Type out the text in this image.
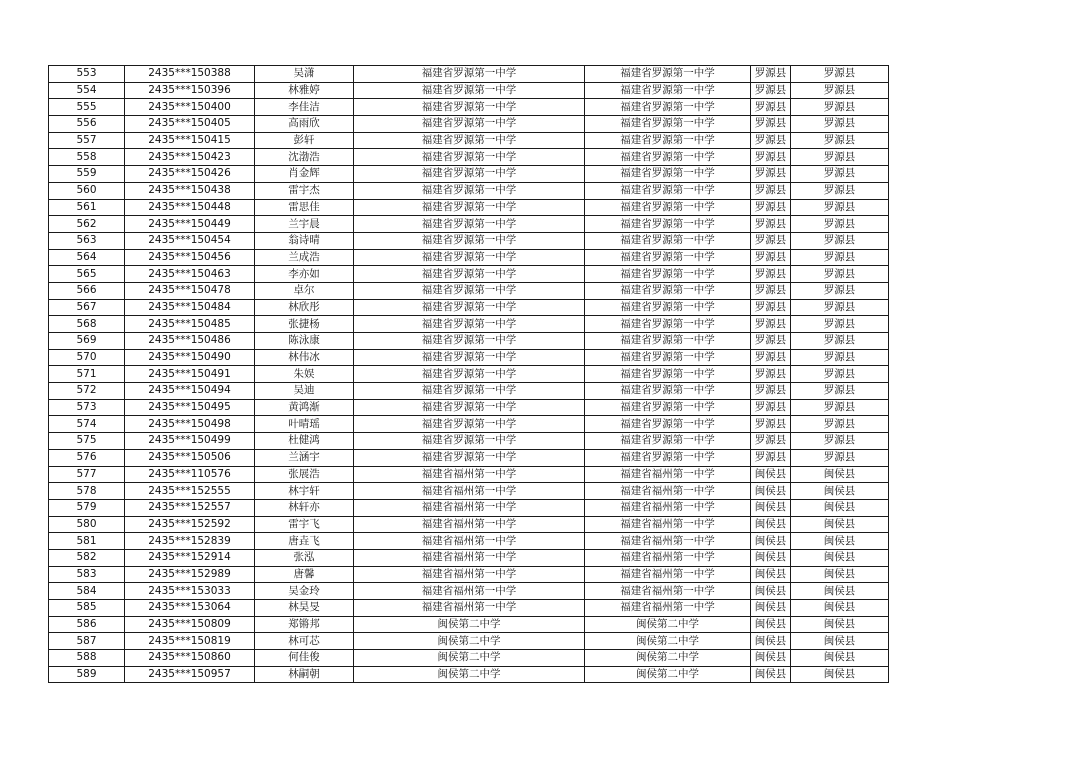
553	2435***150388	吴潇	福建省罗源第一中学	福建省罗源第一中学	罗源县	罗源县
554	2435***150396	林雅婷	福建省罗源第一中学	福建省罗源第一中学	罗源县	罗源县
555	2435***150400	李佳洁	福建省罗源第一中学	福建省罗源第一中学	罗源县	罗源县
556	2435***150405	高雨欣	福建省罗源第一中学	福建省罗源第一中学	罗源县	罗源县
557	2435***150415	彭轩	福建省罗源第一中学	福建省罗源第一中学	罗源县	罗源县
558	2435***150423	沈渤浩	福建省罗源第一中学	福建省罗源第一中学	罗源县	罗源县
559	2435***150426	肖金辉	福建省罗源第一中学	福建省罗源第一中学	罗源县	罗源县
560	2435***150438	雷宇杰	福建省罗源第一中学	福建省罗源第一中学	罗源县	罗源县
561	2435***150448	雷思佳	福建省罗源第一中学	福建省罗源第一中学	罗源县	罗源县
562	2435***150449	兰宇晨	福建省罗源第一中学	福建省罗源第一中学	罗源县	罗源县
563	2435***150454	翁诗晴	福建省罗源第一中学	福建省罗源第一中学	罗源县	罗源县
564	2435***150456	兰成浩	福建省罗源第一中学	福建省罗源第一中学	罗源县	罗源县
565	2435***150463	李亦如	福建省罗源第一中学	福建省罗源第一中学	罗源县	罗源县
566	2435***150478	卓尔	福建省罗源第一中学	福建省罗源第一中学	罗源县	罗源县
567	2435***150484	林欣彤	福建省罗源第一中学	福建省罗源第一中学	罗源县	罗源县
568	2435***150485	张捷杨	福建省罗源第一中学	福建省罗源第一中学	罗源县	罗源县
569	2435***150486	陈泳康	福建省罗源第一中学	福建省罗源第一中学	罗源县	罗源县
570	2435***150490	林伟冰	福建省罗源第一中学	福建省罗源第一中学	罗源县	罗源县
571	2435***150491	朱娱	福建省罗源第一中学	福建省罗源第一中学	罗源县	罗源县
572	2435***150494	吴迪	福建省罗源第一中学	福建省罗源第一中学	罗源县	罗源县
573	2435***150495	黄鸿渐	福建省罗源第一中学	福建省罗源第一中学	罗源县	罗源县
574	2435***150498	叶晴瑶	福建省罗源第一中学	福建省罗源第一中学	罗源县	罗源县
575	2435***150499	杜健鸿	福建省罗源第一中学	福建省罗源第一中学	罗源县	罗源县
576	2435***150506	兰涵宇	福建省罗源第一中学	福建省罗源第一中学	罗源县	罗源县
577	2435***110576	张展浩	福建省福州第一中学	福建省福州第一中学	闽侯县	闽侯县
578	2435***152555	林宇轩	福建省福州第一中学	福建省福州第一中学	闽侯县	闽侯县
579	2435***152557	林轩亦	福建省福州第一中学	福建省福州第一中学	闽侯县	闽侯县
580	2435***152592	雷宇飞	福建省福州第一中学	福建省福州第一中学	闽侯县	闽侯县
581	2435***152839	唐垚飞	福建省福州第一中学	福建省福州第一中学	闽侯县	闽侯县
582	2435***152914	张泓	福建省福州第一中学	福建省福州第一中学	闽侯县	闽侯县
583	2435***152989	唐馨	福建省福州第一中学	福建省福州第一中学	闽侯县	闽侯县
584	2435***153033	吴金玲	福建省福州第一中学	福建省福州第一中学	闽侯县	闽侯县
585	2435***153064	林昊旻	福建省福州第一中学	福建省福州第一中学	闽侯县	闽侯县
586	2435***150809	郑锵邦	闽侯第二中学	闽侯第二中学	闽侯县	闽侯县
587	2435***150819	林可芯	闽侯第二中学	闽侯第二中学	闽侯县	闽侯县
588	2435***150860	何佳俊	闽侯第二中学	闽侯第二中学	闽侯县	闽侯县
589	2435***150957	林嗣朝	闽侯第二中学	闽侯第二中学	闽侯县	闽侯县
